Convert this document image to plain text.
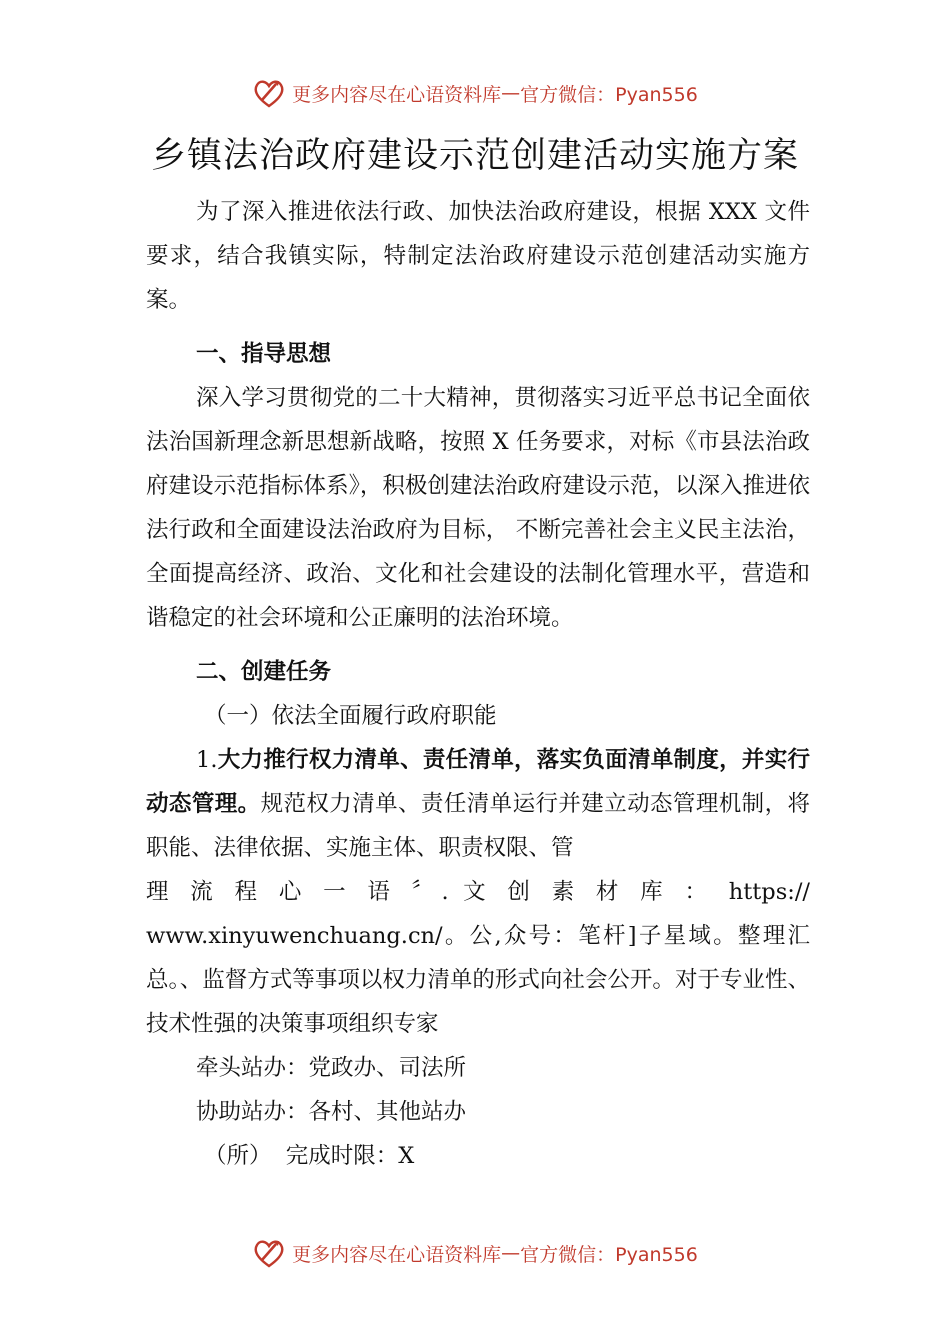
更多内容尽在心语资料库 — 官方微信：Pyan556
乡镇法治政府建设示范创建活动实施方案

为了深入推进依法行政、加快法治政府建设，根据 XXX 文件要求，结合我镇实际，特制定法治政府建设示范创建活动实施方案。

一、指导思想

深入学习贯彻党的二十大精神，贯彻落实习近平总书记全面依法治国新理念新思想新战略，按照 X 任务要求，对标《市县法治政府建设示范指标体系》，积极创建法治政府建设示范，以深入推进依法行政和全面建设法治政府为目标， 不断完善社会主义民主法治，全面提高经济、政治、文化和社会建设的法制化管理水平，营造和谐稳定的社会环境和公正廉明的法治环境。

二、创建任务

（一）依法全面履行政府职能

1.大力推行权力清单、责任清单，落实负面清单制度，并实行动态管理。规范权力清单、责任清单运行并建立动态管理机制，将职能、法律依据、实施主体、职责权限、管

理 流 程 心 一 语 〞. 文 创 素 材 库 ： https://

www.xinyuwenchuang.cn/。公,众号：笔杆]子星域。整理汇总。、监督方式等事项以权力清单的形式向社会公开。对于专业性、技术性强的决策事项组织专家

牵头站办：党政办、司法所

协助站办：各村、其他站办

（所）  完成时限：X

更多内容尽在心语资料库 — 官方微信：Pyan556
